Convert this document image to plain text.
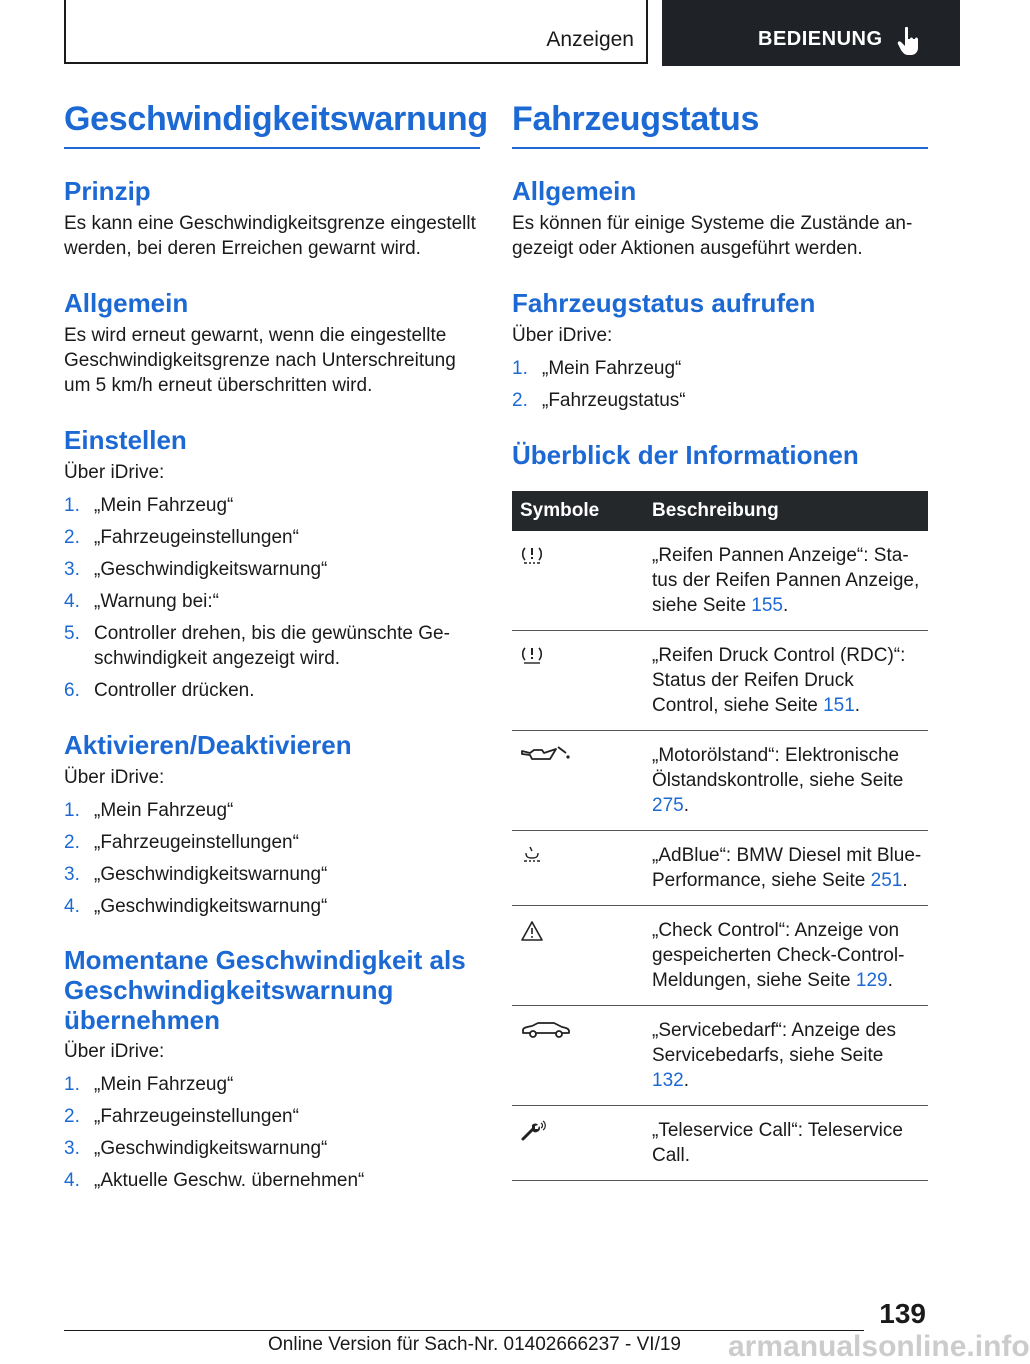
Anzeigen	BEDIENUNG
Geschwindigkeitswarnung
Prinzip

Es kann eine Geschwindigkeitsgrenze eingestellt werden, bei deren Erreichen gewarnt wird.

Allgemein

Es wird erneut gewarnt, wenn die eingestellte Geschwindigkeitsgrenze nach Unterschreitung um 5 km/h erneut überschritten wird.

Einstellen

Über iDrive:

1. „Mein Fahrzeug“
2. „Fahrzeugeinstellungen“
3. „Geschwindigkeitswarnung“
4. „Warnung bei:“
5. Controller drehen, bis die gewünschte Geschwindigkeit angezeigt wird.
6. Controller drücken.
Aktivieren/Deaktivieren

Über iDrive:

1. „Mein Fahrzeug“
2. „Fahrzeugeinstellungen“
3. „Geschwindigkeitswarnung“
4. „Geschwindigkeitswarnung“
Momentane Geschwindigkeit als Geschwindigkeitswarnung übernehmen

Über iDrive:

1. „Mein Fahrzeug“
2. „Fahrzeugeinstellungen“
3. „Geschwindigkeitswarnung“
4. „Aktuelle Geschw. übernehmen“
Fahrzeugstatus
Allgemein

Es können für einige Systeme die Zustände angezeigt oder Aktionen ausgeführt werden.

Fahrzeugstatus aufrufen

Über iDrive:

1. „Mein Fahrzeug“
2. „Fahrzeugstatus“
Überblick der Informationen
Symbole	Beschreibung

	„Reifen Pannen Anzeige“: Status der Reifen Pannen Anzeige, siehe Seite 155.

	„Reifen Druck Control (RDC)“: Status der Reifen Druck Control, siehe Seite 151.

	„Motorölstand“: Elektronische Ölstandskontrolle, siehe Seite 275.

	„AdBlue“: BMW Diesel mit BluePerformance, siehe Seite 251.

	„Check Control“: Anzeige von gespeicherten Check-Control-Meldungen, siehe Seite 129.

	„Servicebedarf“: Anzeige des Servicebedarfs, siehe Seite 132.

	„Teleservice Call“: Teleservice Call.
139
armanualsonline.info
Online Version für Sach-Nr. 01402666237 - VI/19
